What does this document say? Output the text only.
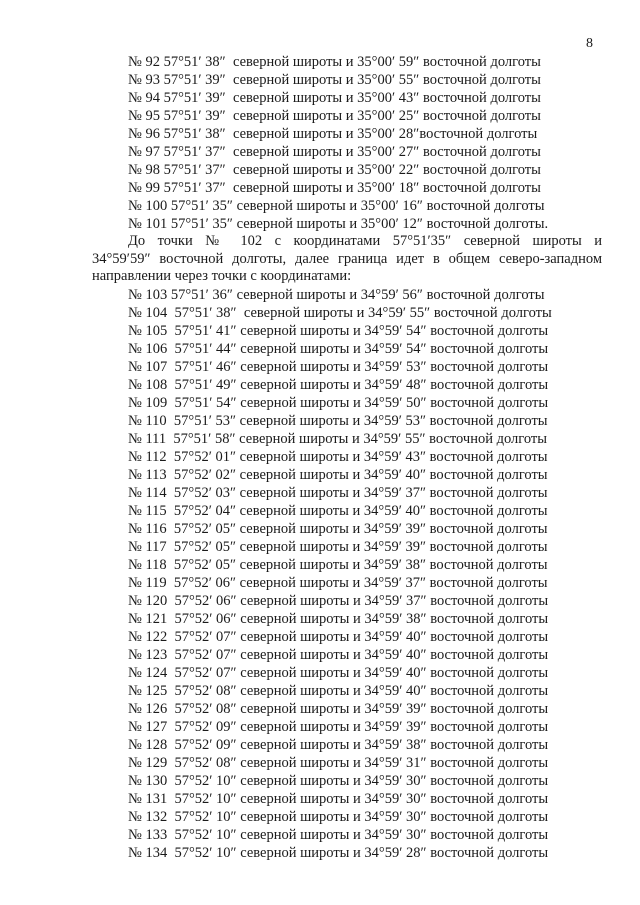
8
№ 92 57°51′ 38″  северной широты и 35°00′ 59″ восточной долготы
№ 93 57°51′ 39″  северной широты и 35°00′ 55″ восточной долготы
№ 94 57°51′ 39″  северной широты и 35°00′ 43″ восточной долготы
№ 95 57°51′ 39″  северной широты и 35°00′ 25″ восточной долготы
№ 96 57°51′ 38″  северной широты и 35°00′ 28″восточной долготы
№ 97 57°51′ 37″  северной широты и 35°00′ 27″ восточной долготы
№ 98 57°51′ 37″  северной широты и 35°00′ 22″ восточной долготы
№ 99 57°51′ 37″  северной широты и 35°00′ 18″ восточной долготы
№ 100 57°51′ 35″ северной широты и 35°00′ 16″ восточной долготы
№ 101 57°51′ 35″ северной широты и 35°00′ 12″ восточной долготы.
До точки № 102 с координатами 57°51′35″ северной широты и
34°59′59″ восточной долготы, далее граница идет в общем северо-западном
направлении через точки с координатами:
№ 103 57°51′ 36″ северной широты и 34°59′ 56″ восточной долготы
№ 104  57°51′ 38″  северной широты и 34°59′ 55″ восточной долготы
№ 105  57°51′ 41″ северной широты и 34°59′ 54″ восточной долготы
№ 106  57°51′ 44″ северной широты и 34°59′ 54″ восточной долготы
№ 107  57°51′ 46″ северной широты и 34°59′ 53″ восточной долготы
№ 108  57°51′ 49″ северной широты и 34°59′ 48″ восточной долготы
№ 109  57°51′ 54″ северной широты и 34°59′ 50″ восточной долготы
№ 110  57°51′ 53″ северной широты и 34°59′ 53″ восточной долготы
№ 111  57°51′ 58″ северной широты и 34°59′ 55″ восточной долготы
№ 112  57°52′ 01″ северной широты и 34°59′ 43″ восточной долготы
№ 113  57°52′ 02″ северной широты и 34°59′ 40″ восточной долготы
№ 114  57°52′ 03″ северной широты и 34°59′ 37″ восточной долготы
№ 115  57°52′ 04″ северной широты и 34°59′ 40″ восточной долготы
№ 116  57°52′ 05″ северной широты и 34°59′ 39″ восточной долготы
№ 117  57°52′ 05″ северной широты и 34°59′ 39″ восточной долготы
№ 118  57°52′ 05″ северной широты и 34°59′ 38″ восточной долготы
№ 119  57°52′ 06″ северной широты и 34°59′ 37″ восточной долготы
№ 120  57°52′ 06″ северной широты и 34°59′ 37″ восточной долготы
№ 121  57°52′ 06″ северной широты и 34°59′ 38″ восточной долготы
№ 122  57°52′ 07″ северной широты и 34°59′ 40″ восточной долготы
№ 123  57°52′ 07″ северной широты и 34°59′ 40″ восточной долготы
№ 124  57°52′ 07″ северной широты и 34°59′ 40″ восточной долготы
№ 125  57°52′ 08″ северной широты и 34°59′ 40″ восточной долготы
№ 126  57°52′ 08″ северной широты и 34°59′ 39″ восточной долготы
№ 127  57°52′ 09″ северной широты и 34°59′ 39″ восточной долготы
№ 128  57°52′ 09″ северной широты и 34°59′ 38″ восточной долготы
№ 129  57°52′ 08″ северной широты и 34°59′ 31″ восточной долготы
№ 130  57°52′ 10″ северной широты и 34°59′ 30″ восточной долготы
№ 131  57°52′ 10″ северной широты и 34°59′ 30″ восточной долготы
№ 132  57°52′ 10″ северной широты и 34°59′ 30″ восточной долготы
№ 133  57°52′ 10″ северной широты и 34°59′ 30″ восточной долготы
№ 134  57°52′ 10″ северной широты и 34°59′ 28″ восточной долготы
